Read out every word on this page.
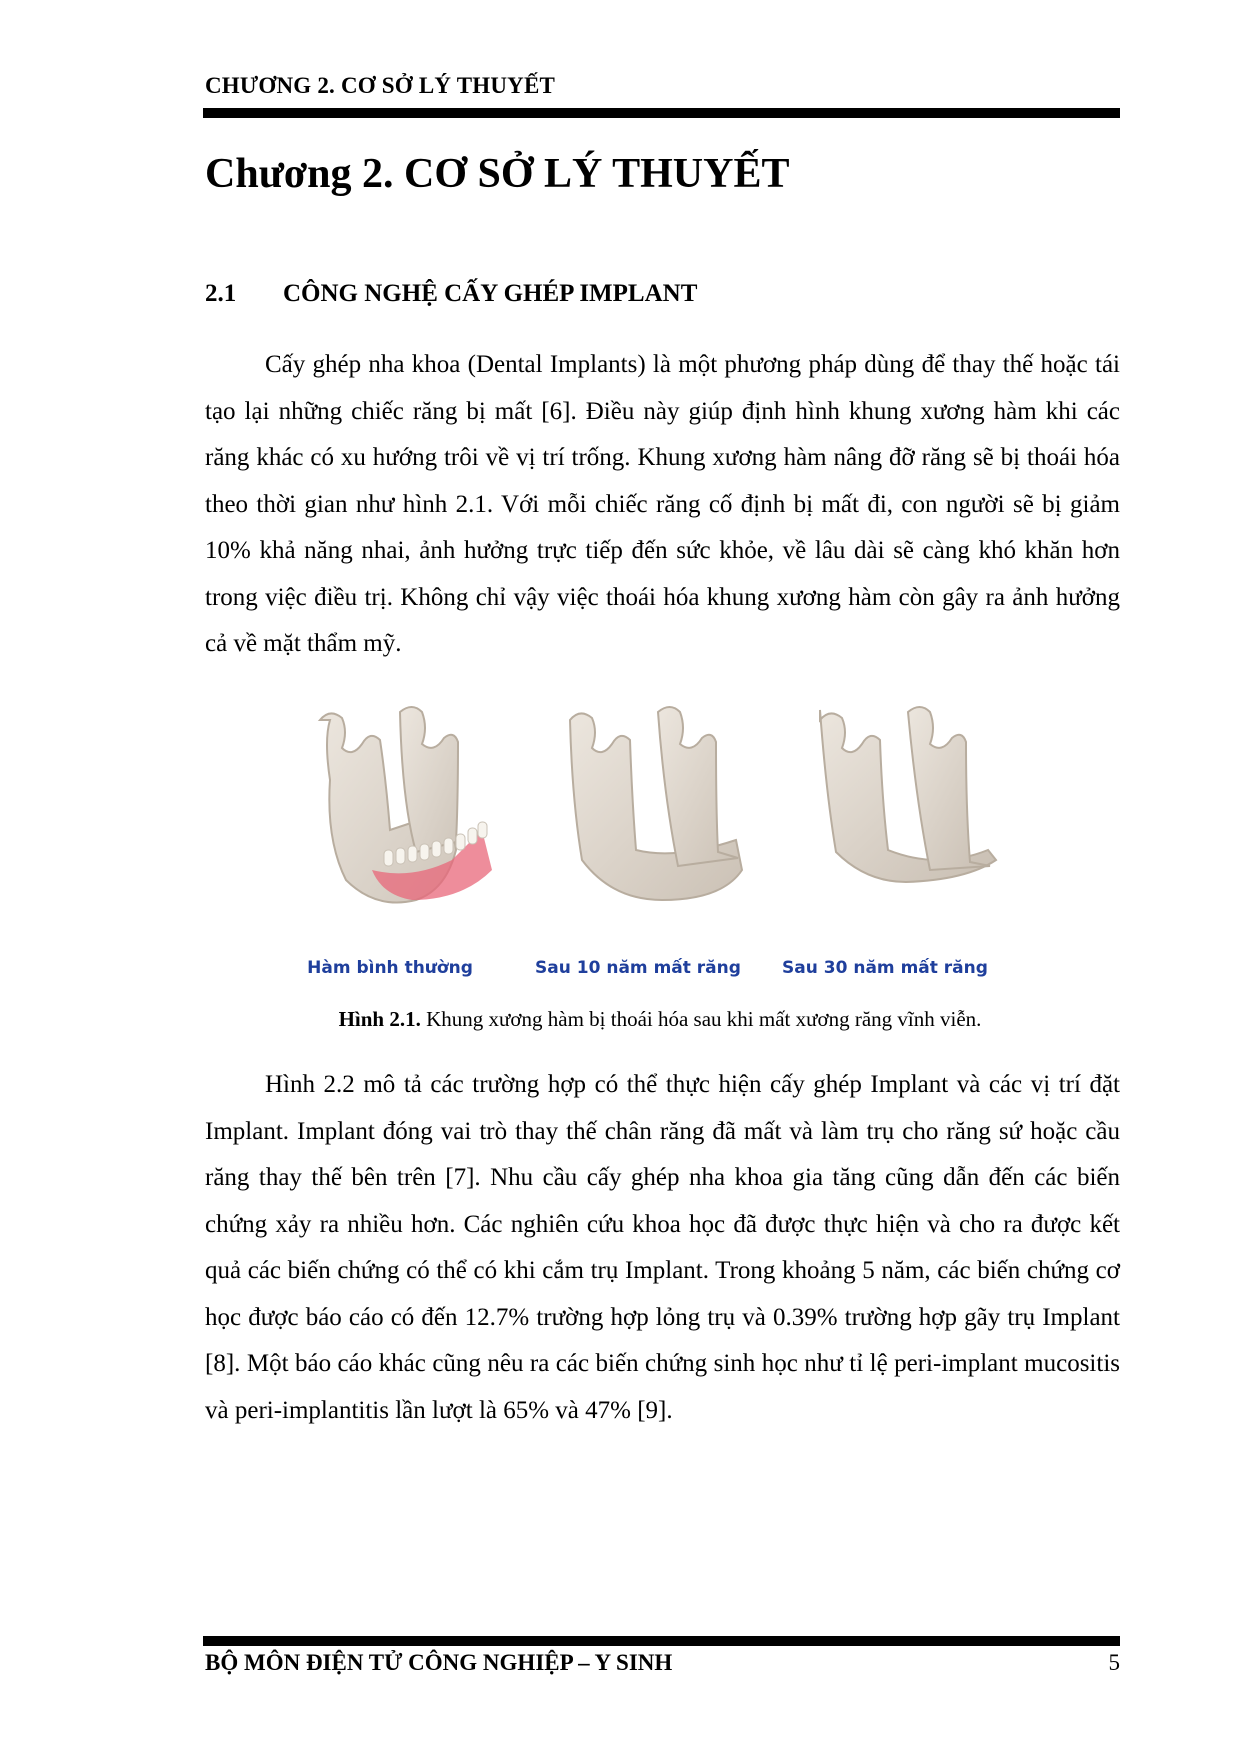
CHƯƠNG 2. CƠ SỞ LÝ THUYẾT
Chương 2. CƠ SỞ LÝ THUYẾT
2.1	CÔNG NGHỆ CẤY GHÉP IMPLANT

Cấy ghép nha khoa (Dental Implants) là một phương pháp dùng để thay thế hoặc tái tạo lại những chiếc răng bị mất [6]. Điều này giúp định hình khung xương hàm khi các răng khác có xu hướng trôi về vị trí trống. Khung xương hàm nâng đỡ răng sẽ bị thoái hóa theo thời gian như hình 2.1. Với mỗi chiếc răng cố định bị mất đi, con người sẽ bị giảm 10% khả năng nhai, ảnh hưởng trực tiếp đến sức khỏe, về lâu dài sẽ càng khó khăn hơn trong việc điều trị. Không chỉ vậy việc thoái hóa khung xương hàm còn gây ra ảnh hưởng cả về mặt thẩm mỹ.

Hàm bình thường	Sau 10 năm mất răng	Sau 30 năm mất răng
Hình 2.1. Khung xương hàm bị thoái hóa sau khi mất xương răng vĩnh viễn.

Hình 2.2 mô tả các trường hợp có thể thực hiện cấy ghép Implant và các vị trí đặt Implant. Implant đóng vai trò thay thế chân răng đã mất và làm trụ cho răng sứ hoặc cầu răng thay thế bên trên [7]. Nhu cầu cấy ghép nha khoa gia tăng cũng dẫn đến các biến chứng xảy ra nhiều hơn. Các nghiên cứu khoa học đã được thực hiện và cho ra được kết quả các biến chứng có thể có khi cắm trụ Implant. Trong khoảng 5 năm, các biến chứng cơ học được báo cáo có đến 12.7% trường hợp lỏng trụ và 0.39% trường hợp gãy trụ Implant [8]. Một báo cáo khác cũng nêu ra các biến chứng sinh học như tỉ lệ peri-implant mucositis và peri-implantitis lần lượt là 65% và 47% [9].

BỘ MÔN ĐIỆN TỬ CÔNG NGHIỆP – Y SINH	5
